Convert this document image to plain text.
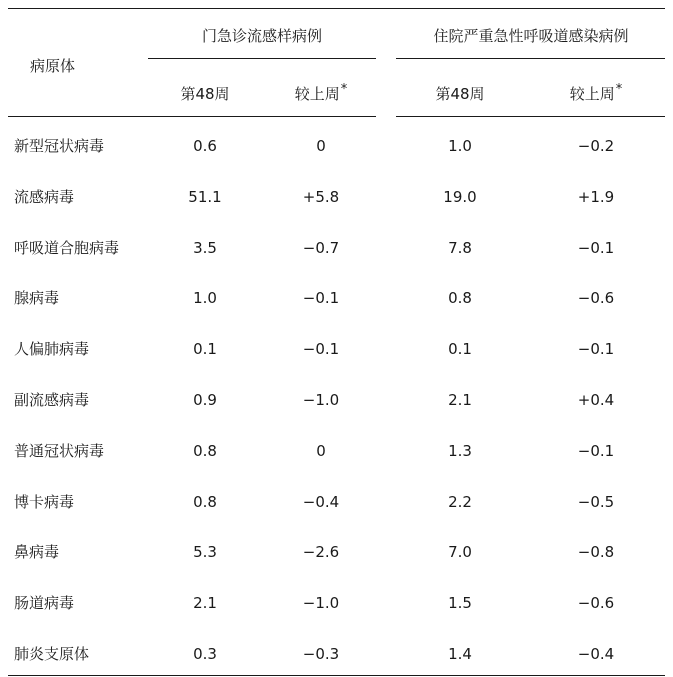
病原体
门急诊流感样病例	住院严重急性呼吸道感染病例
第48周	较上周*	第48周	较上周*
新型冠状病毒	0.6	0	1.0	−0.2
流感病毒	51.1	+5.8	19.0	+1.9
呼吸道合胞病毒	3.5	−0.7	7.8	−0.1
腺病毒	1.0	−0.1	0.8	−0.6
人偏肺病毒	0.1	−0.1	0.1	−0.1
副流感病毒	0.9	−1.0	2.1	+0.4
普通冠状病毒	0.8	0	1.3	−0.1
博卡病毒	0.8	−0.4	2.2	−0.5
鼻病毒	5.3	−2.6	7.0	−0.8
肠道病毒	2.1	−1.0	1.5	−0.6
肺炎支原体	0.3	−0.3	1.4	−0.4
